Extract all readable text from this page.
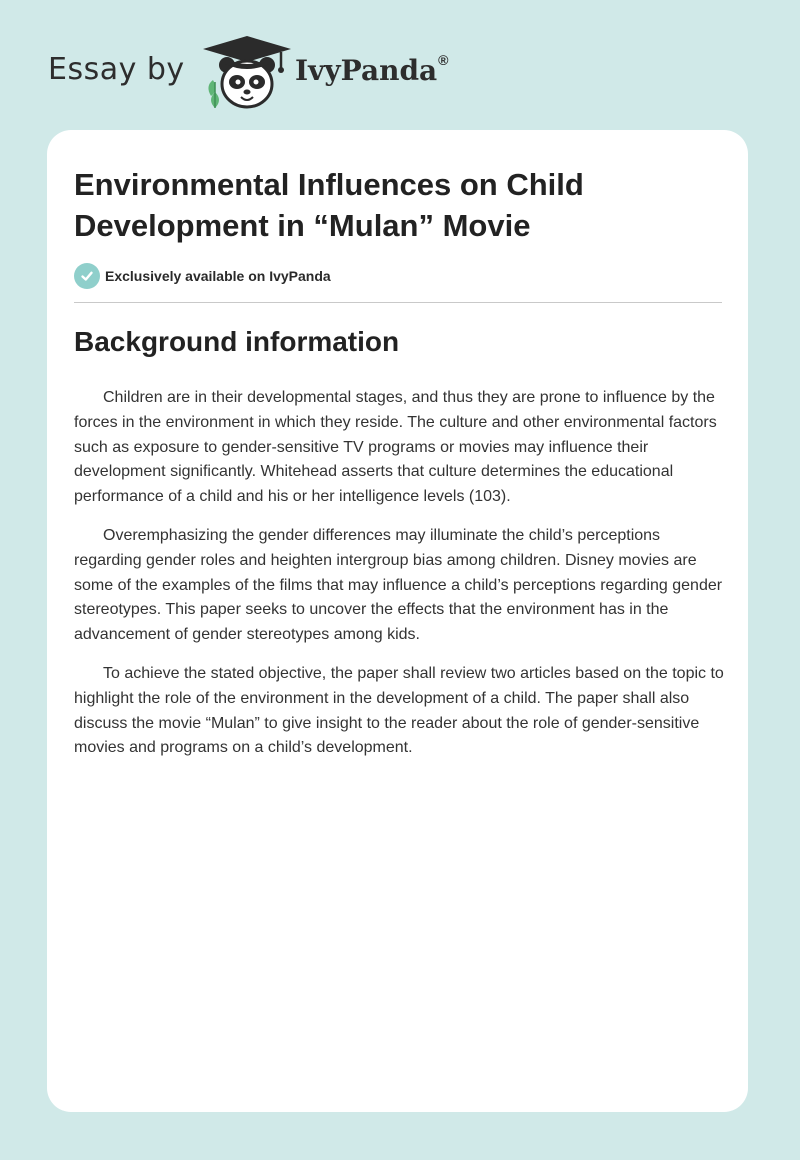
Essay by	IvyPanda®
Environmental Influences on Child Development in “Mulan” Movie
Exclusively available on IvyPanda
Background information

Children are in their developmental stages, and thus they are prone to influence by the forces in the environment in which they reside. The culture and other environmental factors such as exposure to gender-sensitive TV programs or movies may influence their development significantly. Whitehead asserts that culture determines the educational performance of a child and his or her intelligence levels (103).

Overemphasizing the gender differences may illuminate the child’s perceptions regarding gender roles and heighten intergroup bias among children. Disney movies are some of the examples of the films that may influence a child’s perceptions regarding gender stereotypes. This paper seeks to uncover the effects that the environment has in the advancement of gender stereotypes among kids.

To achieve the stated objective, the paper shall review two articles based on the topic to highlight the role of the environment in the development of a child. The paper shall also discuss the movie “Mulan” to give insight to the reader about the role of gender-sensitive movies and programs on a child’s development.
